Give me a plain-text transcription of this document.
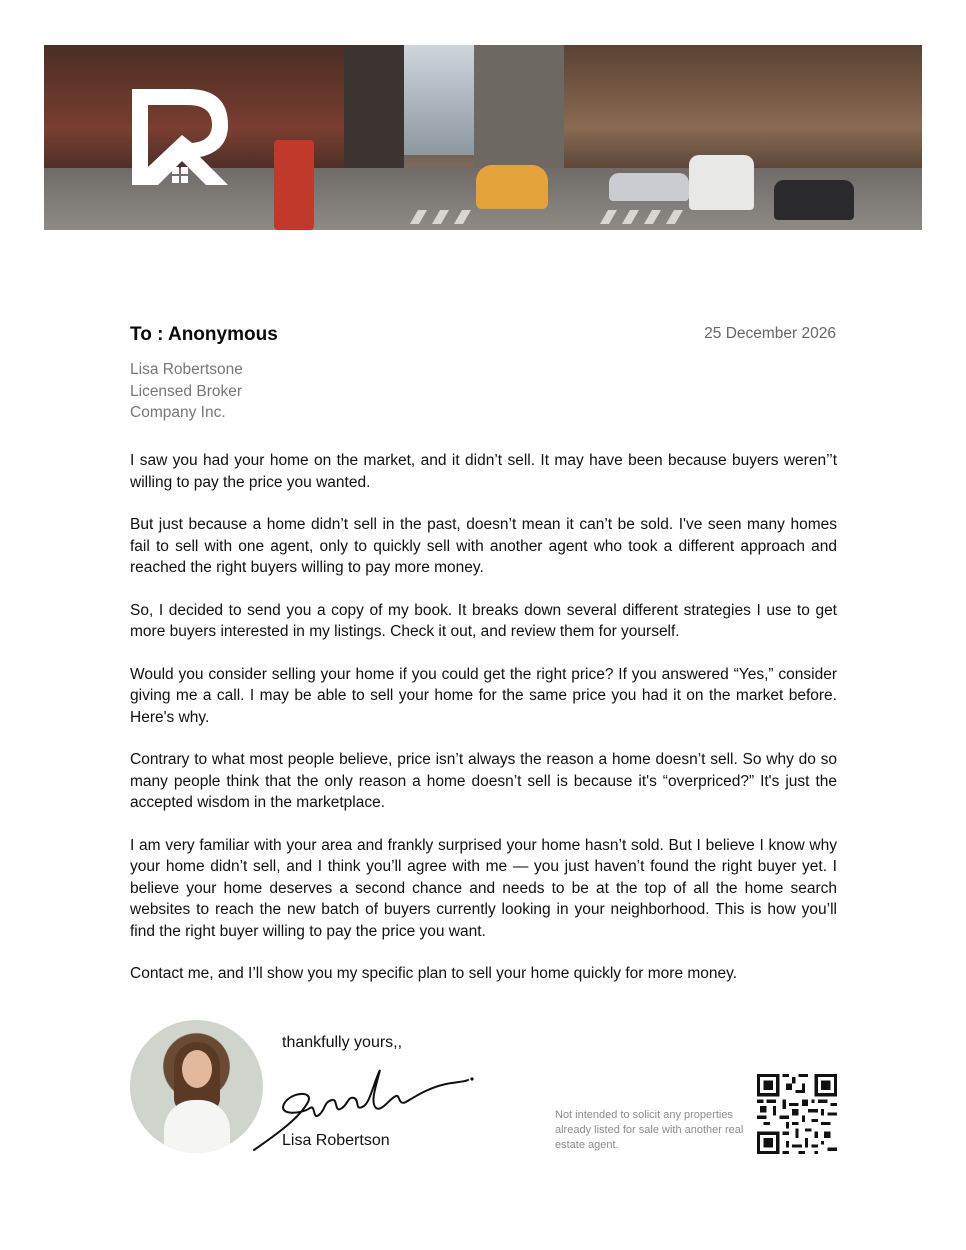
To : Anonymous	25 December 2026
Lisa Robertsone
Licensed Broker
Company Inc.

I saw you had your home on the market, and it didn’t sell. It may have been because buyers weren’’t willing to pay the price you wanted.

But just because a home didn’t sell in the past, doesn’t mean it can’t be sold. I've seen many homes fail to sell with one agent, only to quickly sell with another agent who took a different approach and reached the right buyers willing to pay more money.

So, I decided to send you a copy of my book. It breaks down several different strategies I use to get more buyers interested in my listings. Check it out, and review them for yourself.

Would you consider selling your home if you could get the right price? If you answered “Yes,” consider giving me a call. I may be able to sell your home for the same price you had it on the market before. Here's why.

Contrary to what most people believe, price isn’t always the reason a home doesn’t sell. So why do so many people think that the only reason a home doesn’t sell is because it's “overpriced?” It's just the accepted wisdom in the marketplace.

I am very familiar with your area and frankly surprised your home hasn’t sold. But I believe I know why your home didn’t sell, and I think you’ll agree with me — you just haven’t found the right buyer yet. I believe your home deserves a second chance and needs to be at the top of all the home search websites to reach the new batch of buyers currently looking in your neighborhood. This is how you’ll find the right buyer willing to pay the price you want.

Contact me, and I’ll show you my specific plan to sell your home quickly for more money.

thankfully yours,,
Lisa Robertson
Not intended to solicit any properties already listed for sale with another real estate agent.
